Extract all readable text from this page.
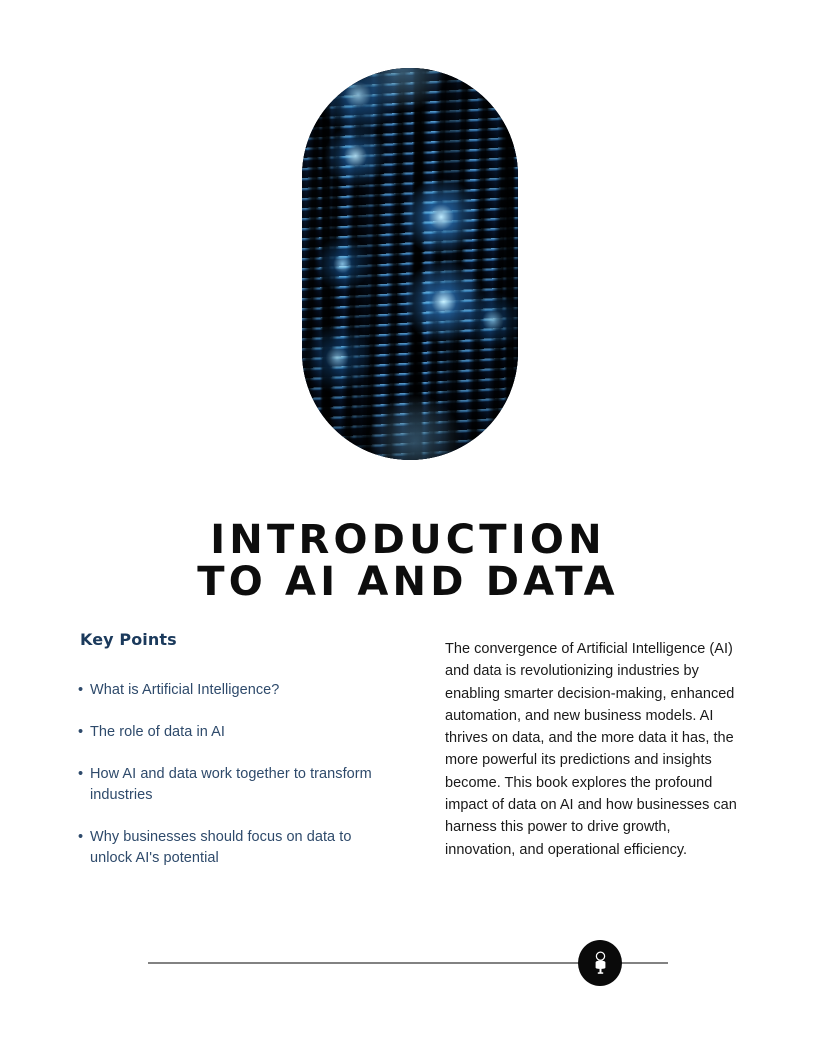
INTRODUCTION
TO AI AND DATA
Key Points
• What is Artificial Intelligence?
• The role of data in AI
• How AI and data work together to transform industries
• Why businesses should focus on data to unlock AI's potential

The convergence of Artificial Intelligence (AI) and data is revolutionizing industries by enabling smarter decision-making, enhanced automation, and new business models. AI thrives on data, and the more data it has, the more powerful its predictions and insights become. This book explores the profound impact of data on AI and how businesses can harness this power to drive growth, innovation, and operational efficiency.
